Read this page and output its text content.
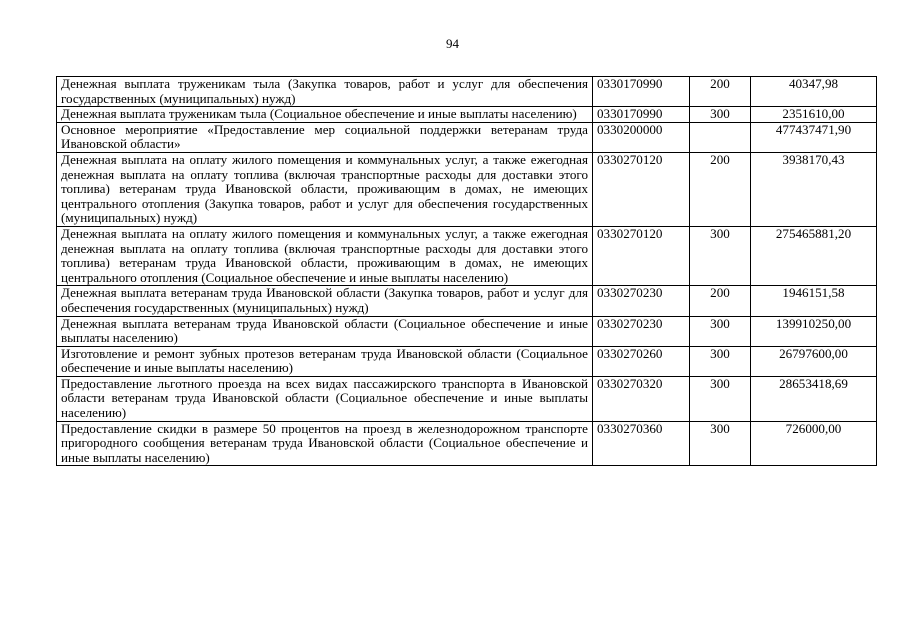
94
Денежная выплата труженикам тыла (Закупка товаров, работ и услуг для обеспечения государственных (муниципальных) нужд)	0330170990	200	40347,98
Денежная выплата труженикам тыла (Социальное обеспечение и иные выплаты населению)	0330170990	300	2351610,00
Основное мероприятие «Предоставление мер социальной поддержки ветеранам труда Ивановской области»	0330200000		477437471,90
Денежная выплата на оплату жилого помещения и коммунальных услуг, а также ежегодная денежная выплата на оплату топлива (включая транспортные расходы для доставки этого топлива) ветеранам труда Ивановской области, проживающим в домах, не имеющих центрального отопления (Закупка товаров, работ и услуг для обеспечения государственных (муниципальных) нужд)	0330270120	200	3938170,43
Денежная выплата на оплату жилого помещения и коммунальных услуг, а также ежегодная денежная выплата на оплату топлива (включая транспортные расходы для доставки этого топлива) ветеранам труда Ивановской области, проживающим в домах, не имеющих центрального отопления (Социальное обеспечение и иные выплаты населению)	0330270120	300	275465881,20
Денежная выплата ветеранам труда Ивановской области (Закупка товаров, работ и услуг для обеспечения государственных (муниципальных) нужд)	0330270230	200	1946151,58
Денежная выплата ветеранам труда Ивановской области (Социальное обеспечение и иные выплаты населению)	0330270230	300	139910250,00
Изготовление и ремонт зубных протезов ветеранам труда Ивановской области (Социальное обеспечение и иные выплаты населению)	0330270260	300	26797600,00
Предоставление льготного проезда на всех видах пассажирского транспорта в Ивановской области ветеранам труда Ивановской области (Социальное обеспечение и иные выплаты населению)	0330270320	300	28653418,69
Предоставление скидки в размере 50 процентов на проезд в железнодорожном транспорте пригородного сообщения ветеранам труда Ивановской области (Социальное обеспечение и иные выплаты населению)	0330270360	300	726000,00
